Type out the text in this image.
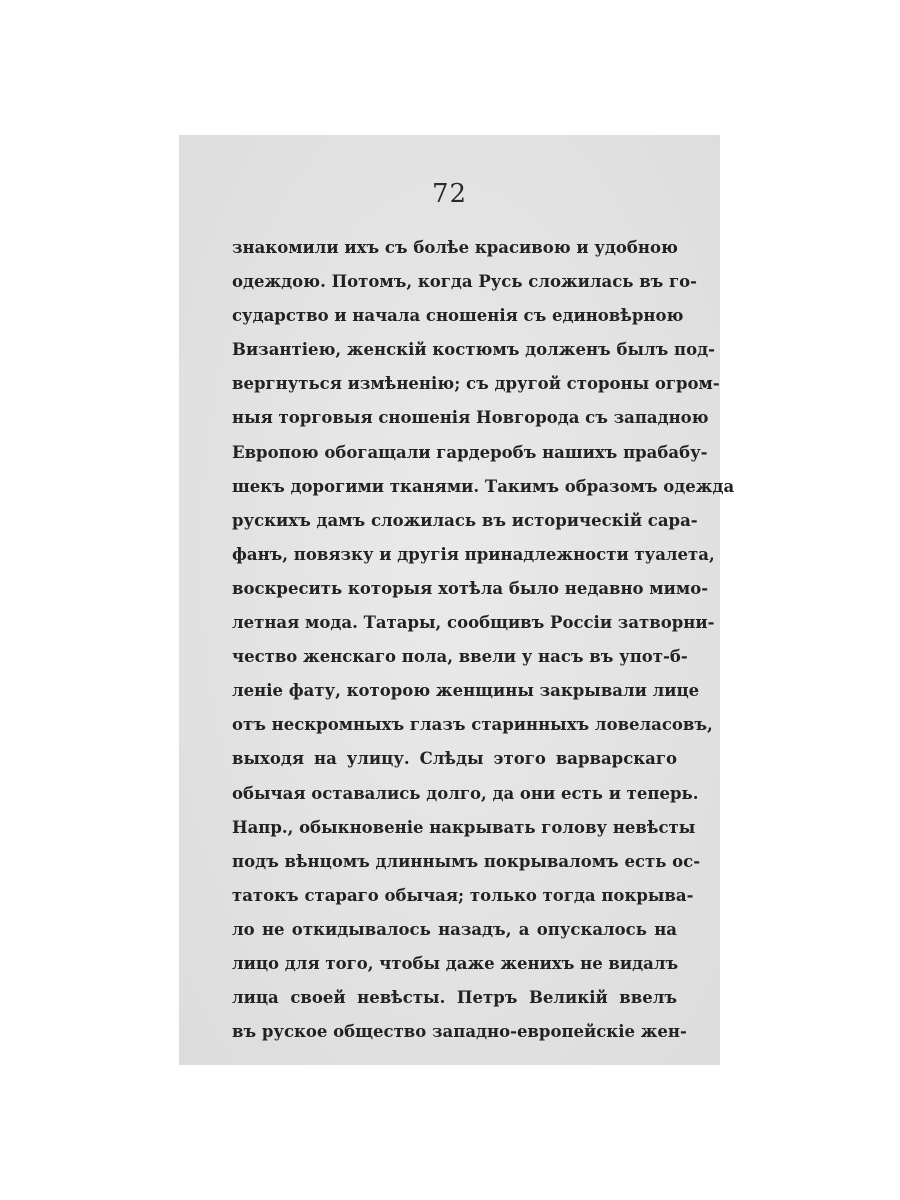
72
знакомили ихъ съ болѣе красивою и удобною
одеждою. Потомъ, когда Русь сложилась въ го-
сударство и начала сношенія съ единовѣрною
Византіею, женскій костюмъ долженъ былъ под-
вергнуться измѣненію; съ другой стороны огром-
ныя торговыя сношенія Новгорода съ западною
Европою обогащали гардеробъ нашихъ прабабу-
шекъ дорогими тканями. Такимъ образомъ одежда
рускихъ дамъ сложилась въ историческій сара-
фанъ, повязку и другія принадлежности туалета,
воскресить которыя хотѣла было недавно мимо-
летная мода. Татары, сообщивъ Россіи затворни-
чество женскаго пола, ввели у насъ въ упот-б-
леніе фату, которою женщины закрывали лице
отъ нескромныхъ глазъ старинныхъ ловеласовъ,
выходя на улицу. Слѣды этого варварскаго
обычая оставались долго, да они есть и теперь.
Напр., обыкновеніе накрывать голову невѣсты
подъ вѣнцомъ длиннымъ покрываломъ есть ос-
татокъ стараго обычая; только тогда покрыва-
ло не откидывалось назадъ, а опускалось на
лицо для того, чтобы даже женихъ не видалъ
лица своей невѣсты. Петръ Великій ввелъ
въ руское общество западно-европейскіе жен-
